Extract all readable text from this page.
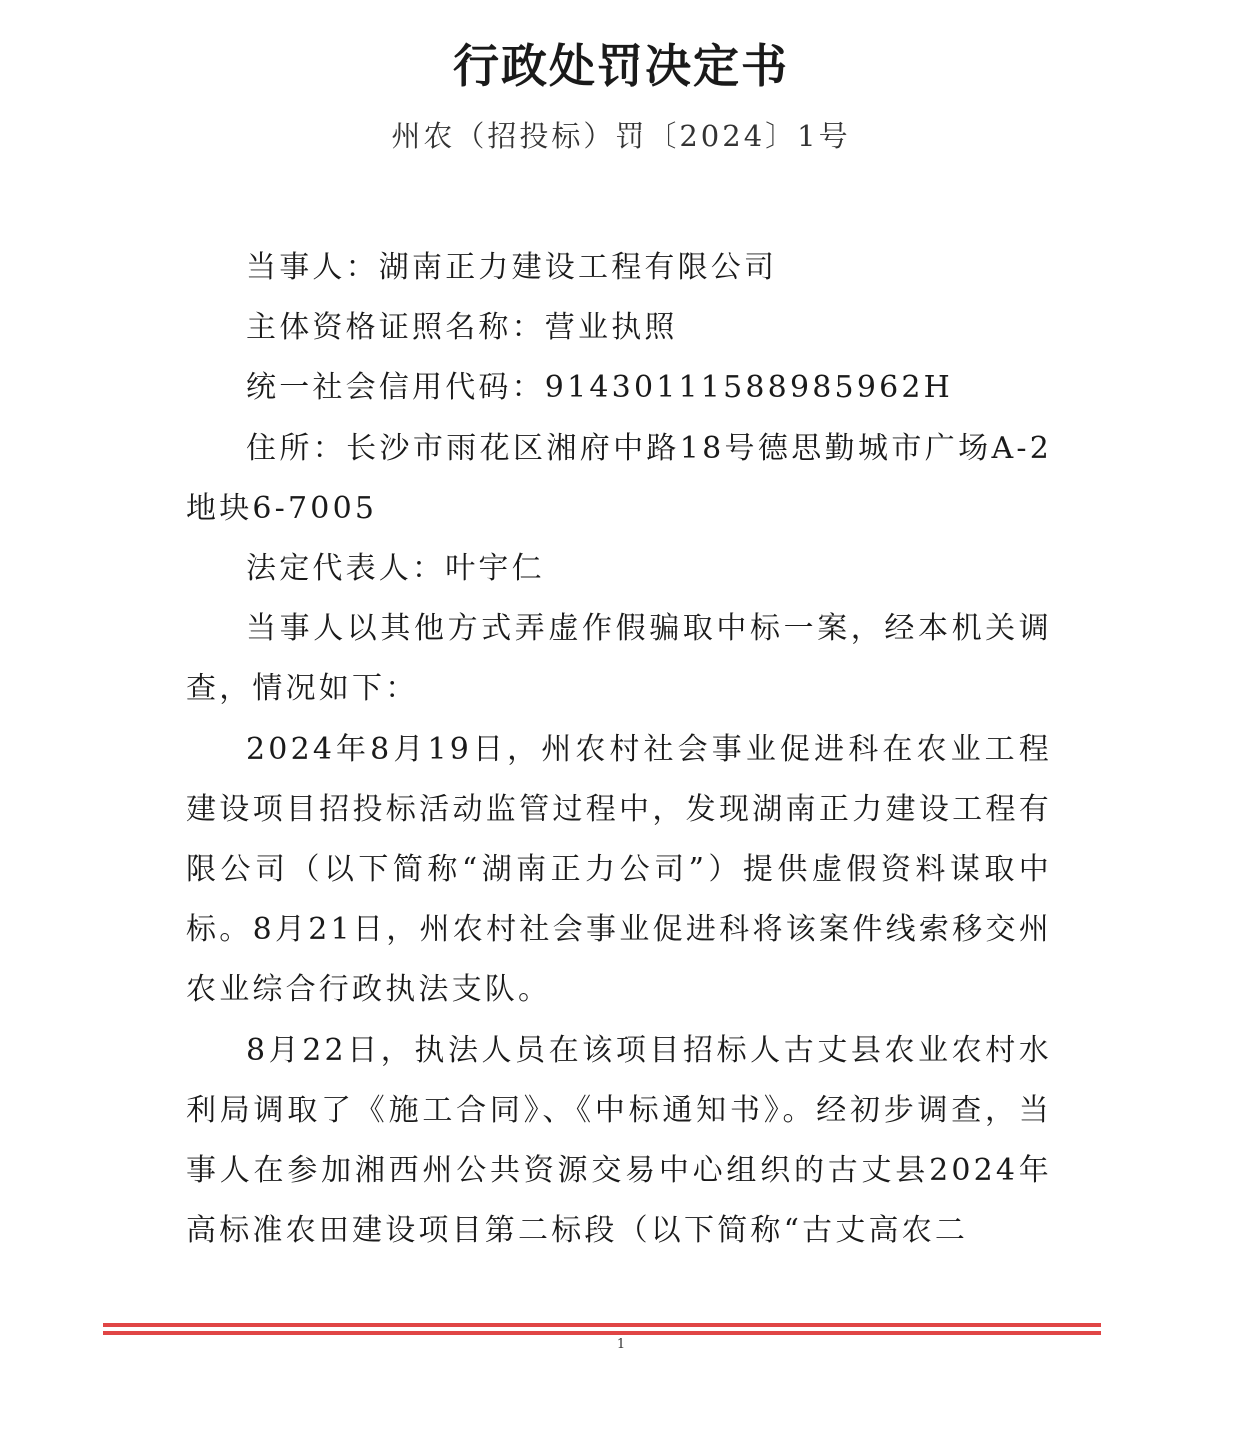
行政处罚决定书
州农（招投标）罚〔2024〕1号

当事人：湖南正力建设工程有限公司

主体资格证照名称：营业执照

统一社会信用代码：91430111588985962H

住所：长沙市雨花区湘府中路18号德思勤城市广场A-2地块6-7005

法定代表人：叶宇仁

当事人以其他方式弄虚作假骗取中标一案，经本机关调查，情况如下：

2024年8月19日，州农村社会事业促进科在农业工程建设项目招投标活动监管过程中，发现湖南正力建设工程有限公司（以下简称“湖南正力公司”）提供虚假资料谋取中标。8月21日，州农村社会事业促进科将该案件线索移交州农业综合行政执法支队。

8月22日，执法人员在该项目招标人古丈县农业农村水利局调取了《施工合同》、《中标通知书》。经初步调查，当事人在参加湘西州公共资源交易中心组织的古丈县2024年高标准农田建设项目第二标段（以下简称“古丈高农二

1
